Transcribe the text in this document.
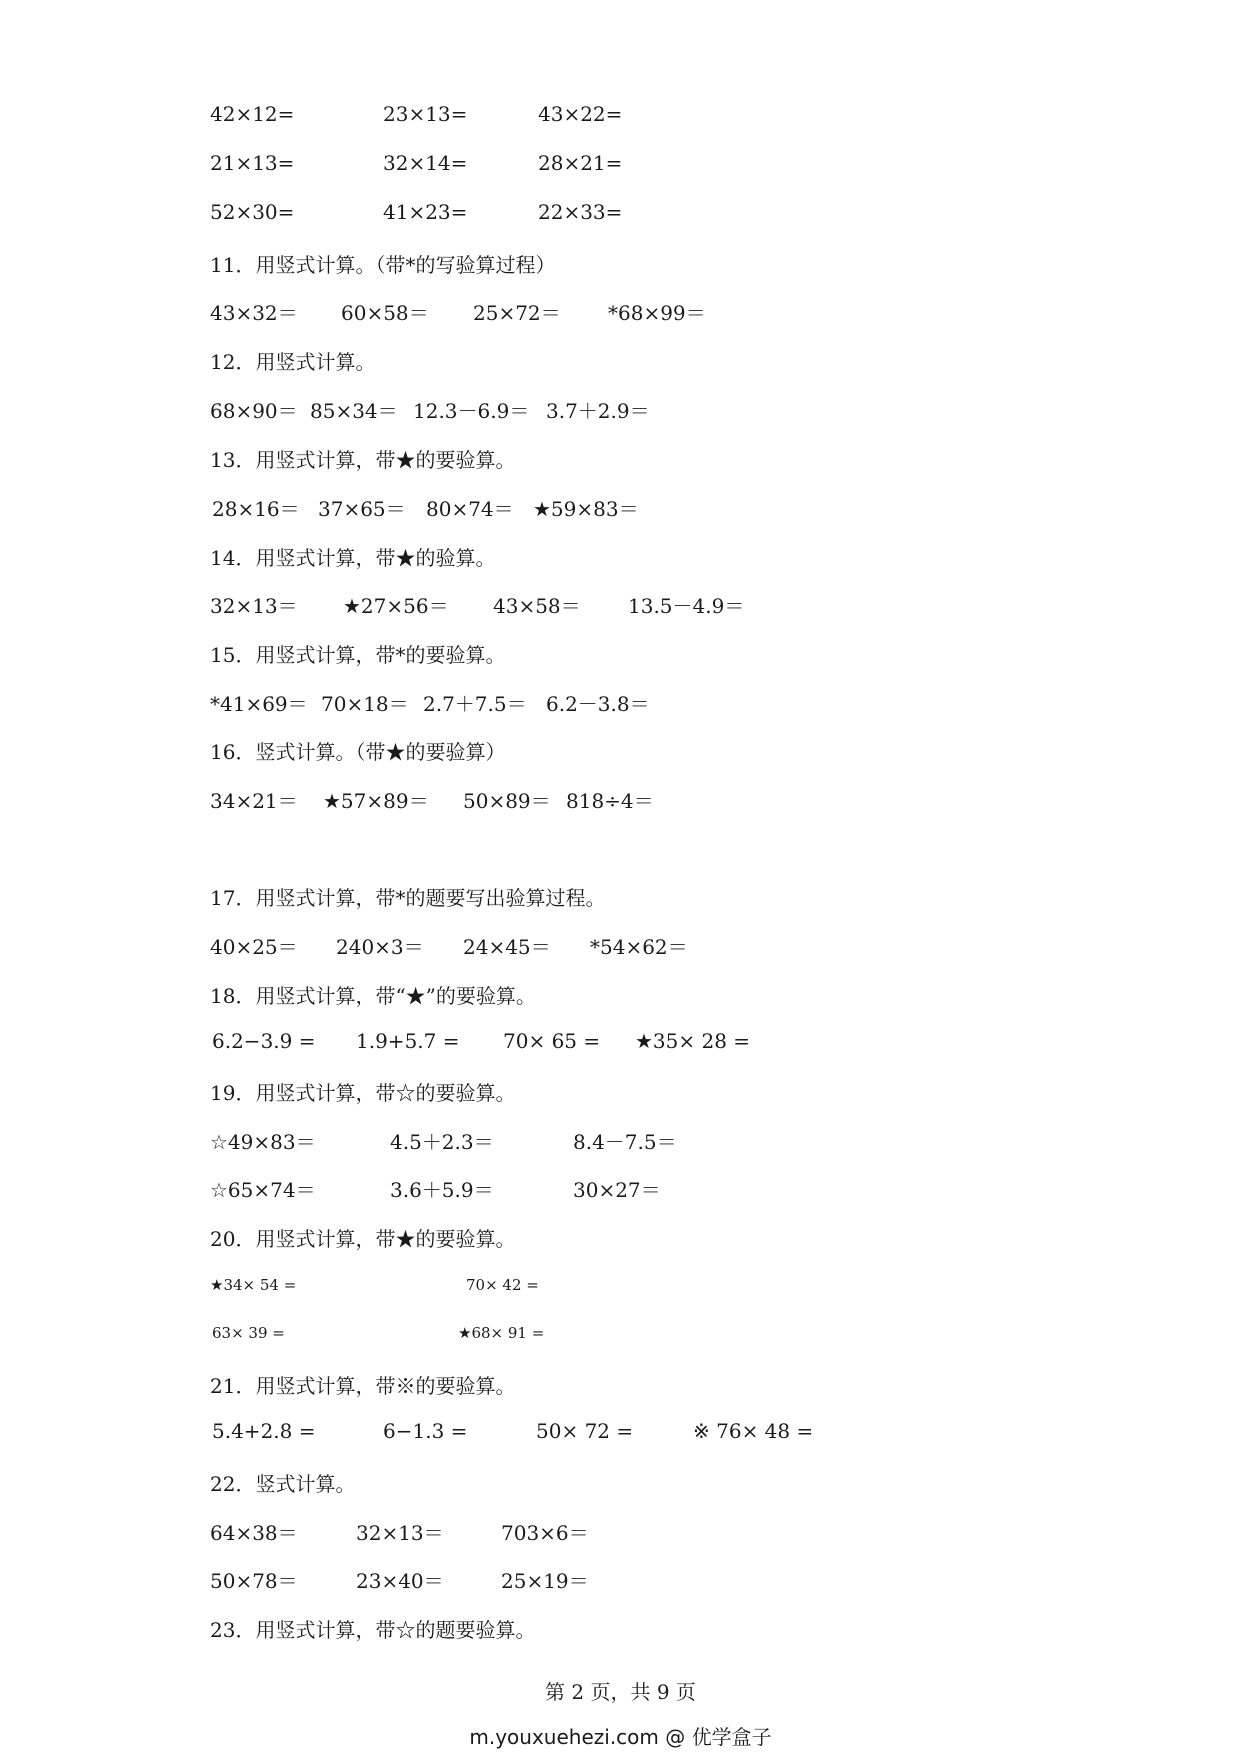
42×12=	23×13=	43×22=
21×13=	32×14=	28×21=
52×30=	41×23=	22×33=
11．用竖式计算。（带*的写验算过程）
43×32＝ 60×58＝ 25×72＝ *68×99＝
12．用竖式计算。
68×90＝ 85×34＝ 12.3－6.9＝ 3.7＋2.9＝
13．用竖式计算，带★的要验算。
28×16＝ 37×65＝ 80×74＝ ★59×83＝
14．用竖式计算，带★的验算。
32×13＝ ★27×56＝ 43×58＝ 13.5－4.9＝
15．用竖式计算，带*的要验算。
*41×69＝ 70×18＝ 2.7＋7.5＝ 6.2－3.8＝
16．竖式计算。（带★的要验算）
34×21＝ ★57×89＝ 50×89＝ 818÷4＝
17．用竖式计算，带*的题要写出验算过程。
40×25＝ 240×3＝ 24×45＝ *54×62＝
18．用竖式计算，带“★”的要验算。
6.2−3.9 = 1.9+5.7 = 70× 65 = ★35× 28 =
19．用竖式计算，带☆的要验算。
☆49×83＝	4.5＋2.3＝	8.4－7.5＝
☆65×74＝	3.6＋5.9＝	30×27＝
20．用竖式计算，带★的要验算。
★34× 54 =	70× 42 =
63× 39 =	★68× 91 =
21．用竖式计算，带※的要验算。
5.4+2.8 =	6−1.3 =	50× 72 =	※ 76× 48 =
22．竖式计算。
64×38＝	32×13＝	703×6＝
50×78＝	23×40＝	25×19＝
23．用竖式计算，带☆的题要验算。
第 2 页，共 9 页
m.youxuehezi.com @ 优学盒子
